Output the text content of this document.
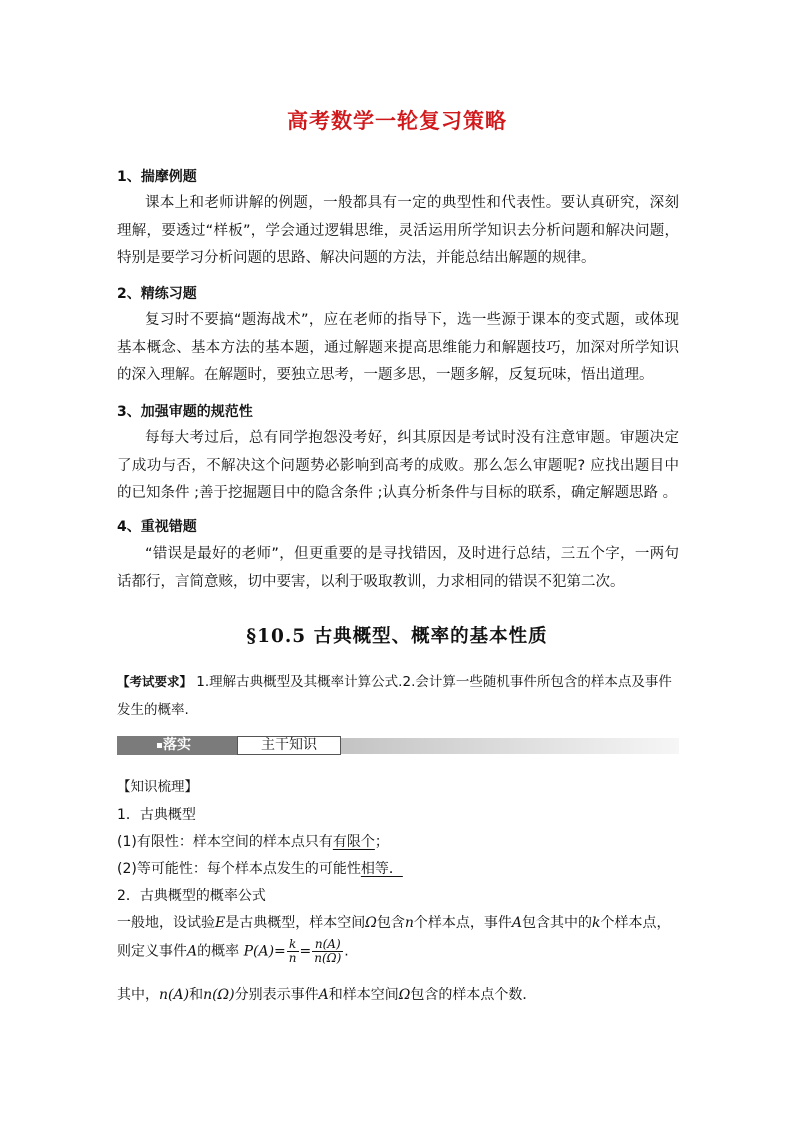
高考数学一轮复习策略
1、揣摩例题
课本上和老师讲解的例题，一般都具有一定的典型性和代表性。要认真研究，深刻理解，要透过“样板”，学会通过逻辑思维，灵活运用所学知识去分析问题和解决问题，特别是要学习分析问题的思路、解决问题的方法，并能总结出解题的规律。
2、精练习题
复习时不要搞“题海战术”，应在老师的指导下，选一些源于课本的变式题，或体现基本概念、基本方法的基本题，通过解题来提高思维能力和解题技巧，加深对所学知识的深入理解。在解题时，要独立思考，一题多思，一题多解，反复玩味，悟出道理。
3、加强审题的规范性
每每大考过后，总有同学抱怨没考好，纠其原因是考试时没有注意审题。审题决定了成功与否，不解决这个问题势必影响到高考的成败。那么怎么审题呢? 应找出题目中的已知条件 ;善于挖掘题目中的隐含条件 ;认真分析条件与目标的联系，确定解题思路 。
4、重视错题
“错误是最好的老师”，但更重要的是寻找错因，及时进行总结，三五个字，一两句话都行，言简意赅，切中要害，以利于吸取教训，力求相同的错误不犯第二次。
§10.5 古典概型、概率的基本性质
【考试要求】 1.理解古典概型及其概率计算公式.2.会计算一些随机事件所包含的样本点及事件发生的概率.
落实	主干知识
【知识梳理】
1．古典概型
(1)有限性：样本空间的样本点只有有限个；
(2)等可能性：每个样本点发生的可能性相等．
2．古典概型的概率公式
一般地，设试验E是古典概型，样本空间Ω包含n个样本点，事件A包含其中的k个样本点，
则定义事件A的概率 $P(A)= \frac{k}{n} = \frac{n(A)}{n(\Omega)}$ .
其中，n(A)和n(Ω)分别表示事件A和样本空间Ω包含的样本点个数．
